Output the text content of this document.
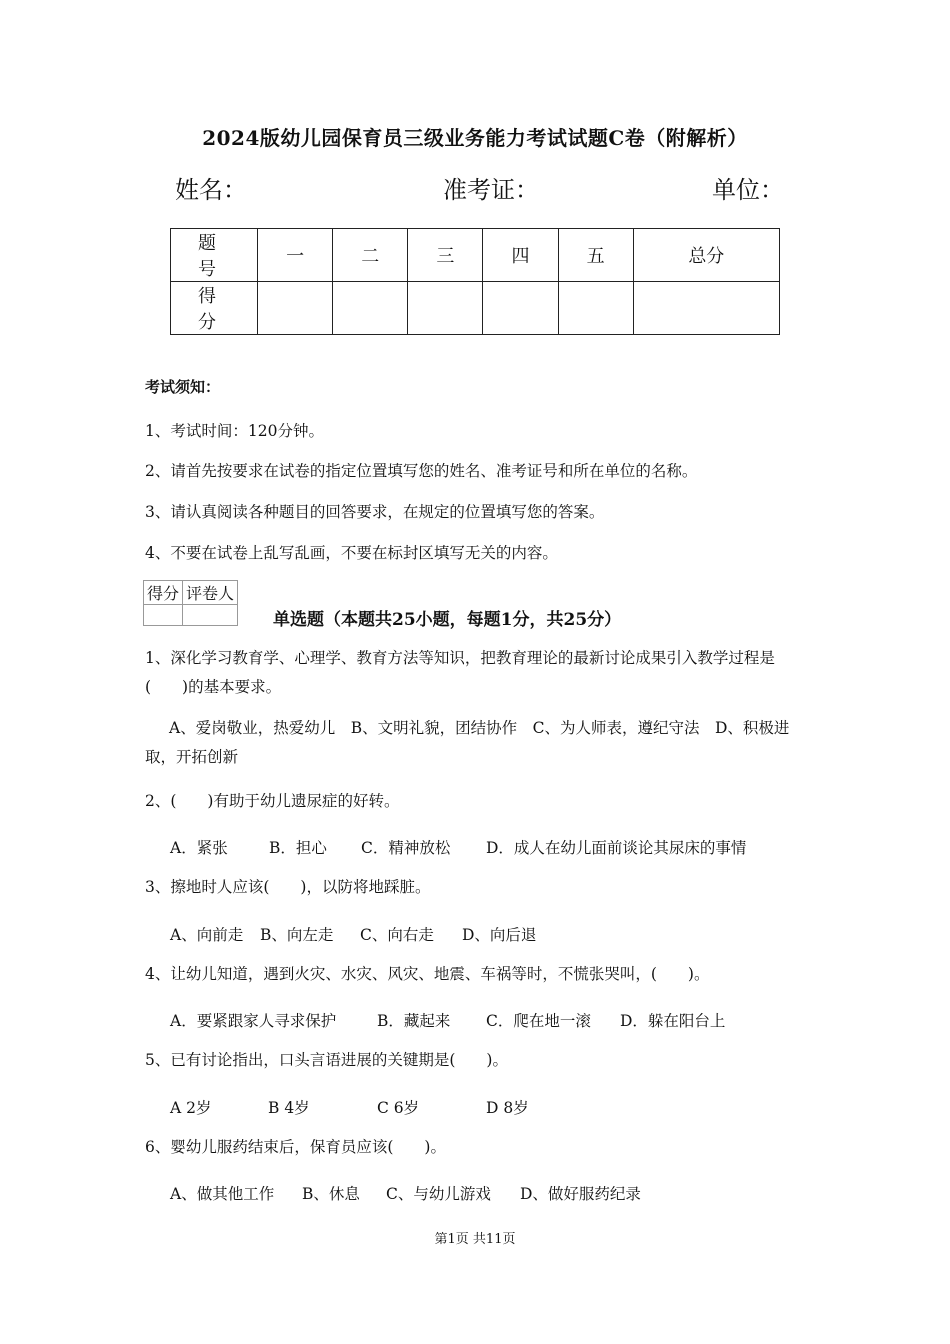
2024版幼儿园保育员三级业务能力考试试题C卷（附解析）
姓名：	准考证：	单位：
题　号	一	二	三	四	五	总分
得　分						
考试须知：
1、考试时间：120分钟。
2、请首先按要求在试卷的指定位置填写您的姓名、准考证号和所在单位的名称。
3、请认真阅读各种题目的回答要求，在规定的位置填写您的答案。
4、不要在试卷上乱写乱画，不要在标封区填写无关的内容。
得分	评卷人

单选题（本题共25小题，每题1分，共25分）
1、深化学习教育学、心理学、教育方法等知识，把教育理论的最新讨论成果引入教学过程是(　　)的基本要求。
A、爱岗敬业，热爱幼儿　B、文明礼貌，团结协作　C、为人师表，遵纪守法　D、积极进取，开拓创新
2、(　　)有助于幼儿遗尿症的好转。
A．紧张	B．担心 C．精神放松 D．成人在幼儿面前谈论其尿床的事情
3、擦地时人应该(　　)，以防将地踩脏。
A、向前走 B、向左走 C、向右走 D、向后退
4、让幼儿知道，遇到火灾、水灾、风灾、地震、车祸等时，不慌张哭叫，(　　)。
A．要紧跟家人寻求保护	B．藏起来 C．爬在地一滚 D．躲在阳台上
5、已有讨论指出，口头言语进展的关键期是(　　)。
A 2岁	B 4岁	C 6岁	D 8岁
6、婴幼儿服药结束后，保育员应该(　　)。
A、做其他工作 B、休息 C、与幼儿游戏 D、做好服药纪录
第1页 共11页
